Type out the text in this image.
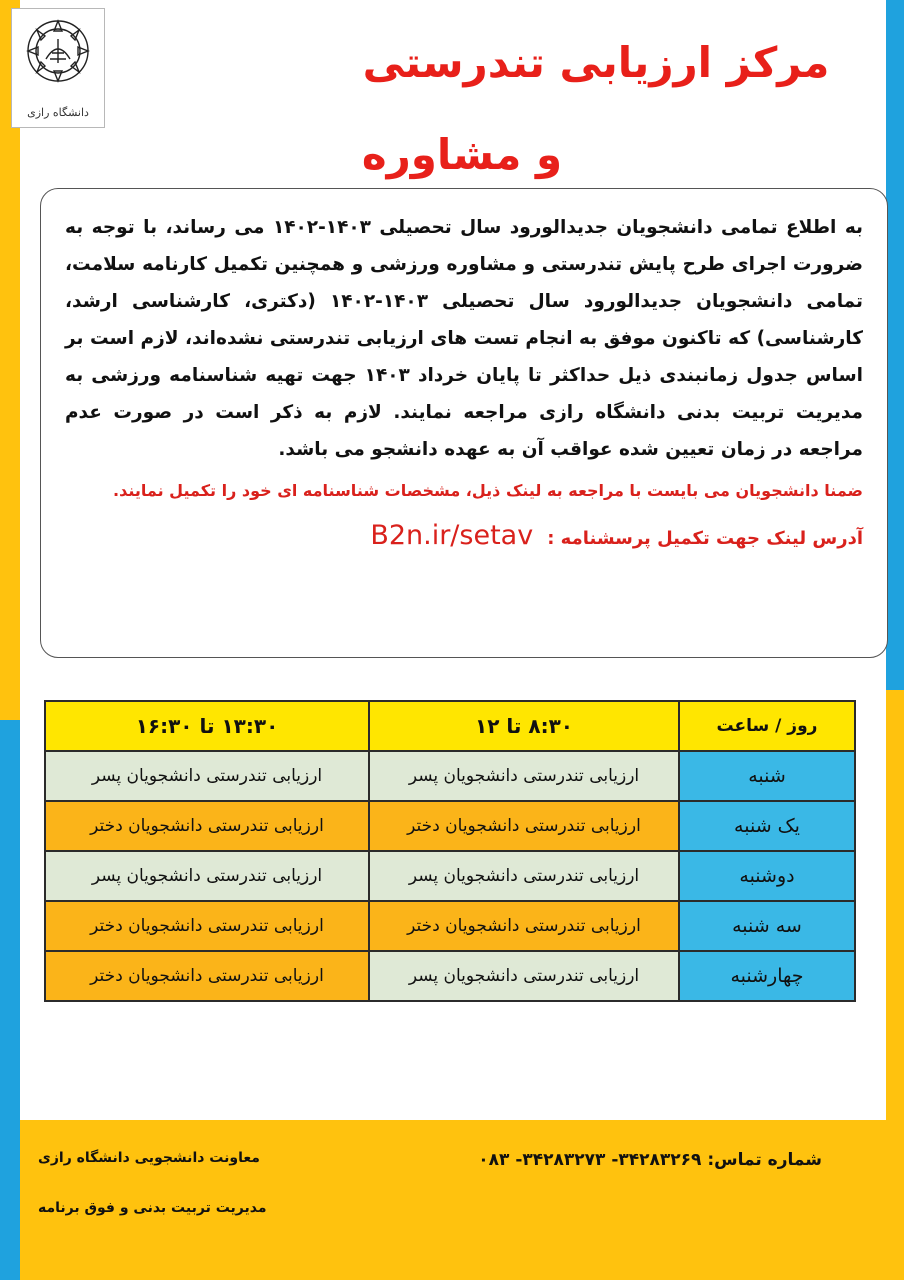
دانشگاه رازی
مرکز ارزیابی تندرستی
و مشاوره

به اطلاع تمامی دانشجویان جدیدالورود سال تحصیلی ۱۴۰۳-۱۴۰۲ می رساند، با توجه به ضرورت اجرای طرح پایش تندرستی و مشاوره ورزشی و همچنین تکمیل کارنامه سلامت، تمامی دانشجویان جدیدالورود سال تحصیلی ۱۴۰۳-۱۴۰۲ (دکتری، کارشناسی ارشد، کارشناسی) که تاکنون موفق به انجام تست های ارزیابی تندرستی نشده‌اند، لازم است بر اساس جدول زمانبندی ذیل حداکثر تا پایان خرداد ۱۴۰۳ جهت تهیه شناسنامه ورزشی به مدیریت تربیت بدنی دانشگاه رازی مراجعه نمایند. لازم به ذکر است در صورت عدم مراجعه در زمان تعیین شده عواقب آن به عهده دانشجو می باشد.

ضمنا دانشجویان می بایست با مراجعه به لینک ذیل، مشخصات شناسنامه ای خود را تکمیل نمایند.

آدرس لینک جهت تکمیل پرسشنامه :
B2n.ir/setav
روز / ساعت	۸:۳۰ تا ۱۲	۱۳:۳۰ تا ۱۶:۳۰
شنبه	ارزیابی تندرستی دانشجویان پسر	ارزیابی تندرستی دانشجویان پسر
یک شنبه	ارزیابی تندرستی دانشجویان دختر	ارزیابی تندرستی دانشجویان دختر
دوشنبه	ارزیابی تندرستی دانشجویان پسر	ارزیابی تندرستی دانشجویان پسر
سه شنبه	ارزیابی تندرستی دانشجویان دختر	ارزیابی تندرستی دانشجویان دختر
چهارشنبه	ارزیابی تندرستی دانشجویان پسر	ارزیابی تندرستی دانشجویان دختر
شماره تماس: ۳۴۲۸۳۲۶۹- ۳۴۲۸۳۲۷۳- ۰۸۳
معاونت دانشجویی دانشگاه رازی
مدیریت تربیت بدنی و فوق برنامه
